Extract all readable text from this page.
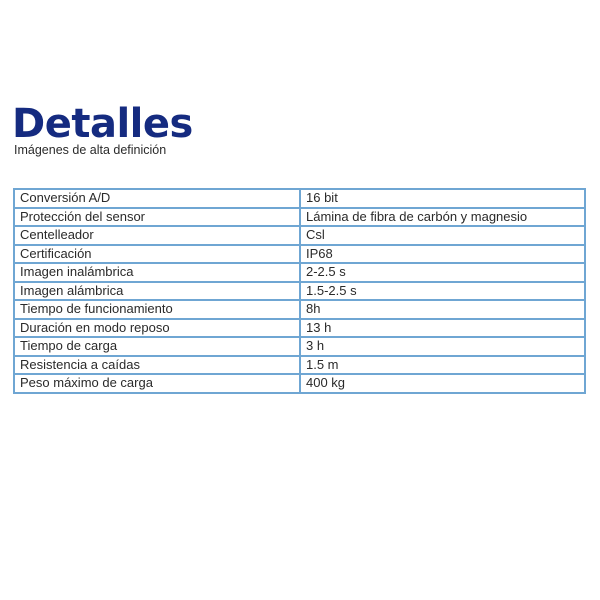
Detalles

Imágenes de alta definición

Conversión A/D	16 bit
Protección del sensor	Lámina de fibra de carbón y magnesio
Centelleador	Csl
Certificación	IP68
Imagen inalámbrica	2-2.5 s
Imagen alámbrica	1.5-2.5 s
Tiempo de funcionamiento	8h
Duración en modo reposo	13 h
Tiempo de carga	3 h
Resistencia a caídas	1.5 m
Peso máximo de carga	400 kg
